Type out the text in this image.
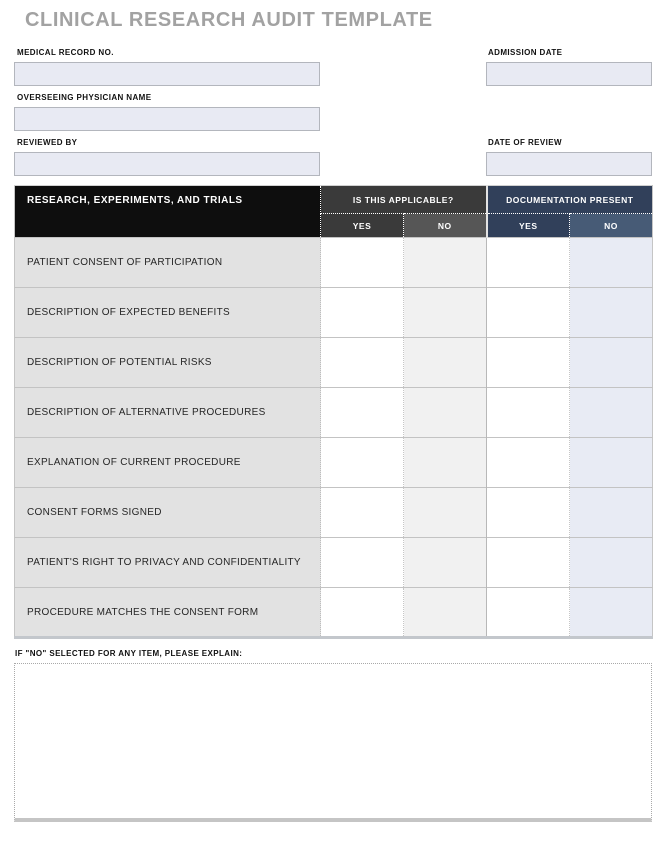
CLINICAL RESEARCH AUDIT TEMPLATE
MEDICAL RECORD NO.	ADMISSION DATE
OVERSEEING PHYSICIAN NAME
REVIEWED BY	DATE OF REVIEW
RESEARCH, EXPERIMENTS, AND TRIALS	IS THIS APPLICABLE?		DOCUMENTATION PRESENT	
	YES	NO	YES	NO
PATIENT CONSENT OF PARTICIPATION				
DESCRIPTION OF EXPECTED BENEFITS				
DESCRIPTION OF POTENTIAL RISKS				
DESCRIPTION OF ALTERNATIVE PROCEDURES				
EXPLANATION OF CURRENT PROCEDURE				
CONSENT FORMS SIGNED				
PATIENT'S RIGHT TO PRIVACY AND CONFIDENTIALITY				
PROCEDURE MATCHES THE CONSENT FORM				
IF "NO" SELECTED FOR ANY ITEM, PLEASE EXPLAIN:
